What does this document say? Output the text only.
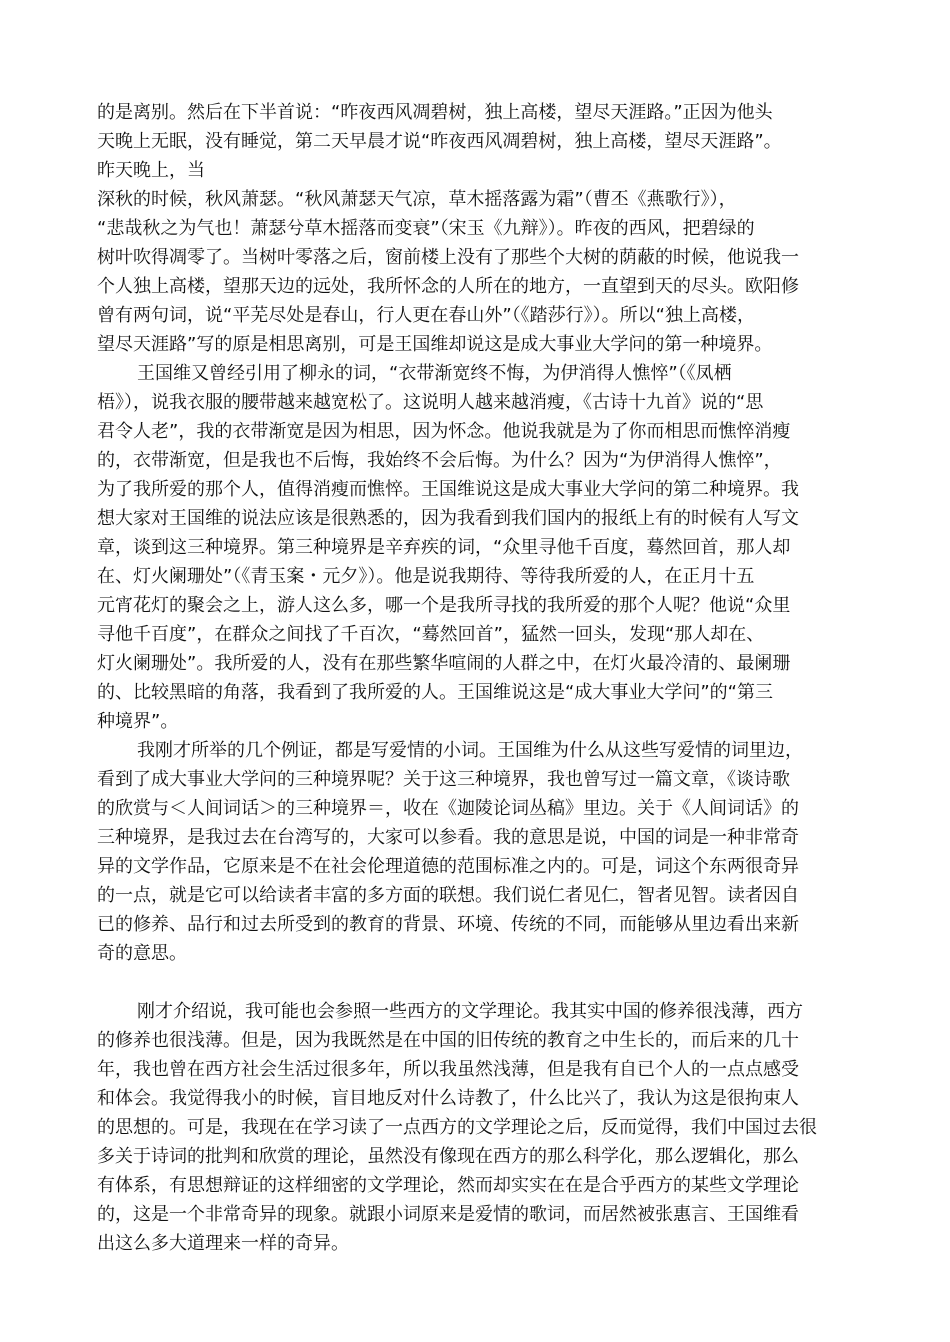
的是离别。然后在下半首说：“昨夜西风凋碧树，独上高楼，望尽天涯路。”正因为他头
天晚上无眠，没有睡觉，第二天早晨才说“昨夜西风凋碧树，独上高楼，望尽天涯路”。
昨天晚上，当
深秋的时候，秋风萧瑟。“秋风萧瑟天气凉，草木摇落露为霜”（曹丕《燕歌行》），
“悲哉秋之为气也！萧瑟兮草木摇落而变衰”（宋玉《九辩》）。昨夜的西风，把碧绿的
树叶吹得凋零了。当树叶零落之后，窗前楼上没有了那些个大树的荫蔽的时候，他说我一
个人独上高楼，望那天边的远处，我所怀念的人所在的地方，一直望到天的尽头。欧阳修
曾有两句词，说“平芜尽处是春山，行人更在春山外”（《踏莎行》）。所以“独上高楼，
望尽天涯路”写的原是相思离别，可是王国维却说这是成大事业大学问的第一种境界。
王国维又曾经引用了柳永的词，“衣带渐宽终不悔，为伊消得人憔悴”（《凤栖
梧》），说我衣服的腰带越来越宽松了。这说明人越来越消瘦，《古诗十九首》说的“思
君令人老”，我的衣带渐宽是因为相思，因为怀念。他说我就是为了你而相思而憔悴消瘦
的，衣带渐宽，但是我也不后悔，我始终不会后悔。为什么？因为“为伊消得人憔悴”，
为了我所爱的那个人，值得消瘦而憔悴。王国维说这是成大事业大学问的第二种境界。我
想大家对王国维的说法应该是很熟悉的，因为我看到我们国内的报纸上有的时候有人写文
章，谈到这三种境界。第三种境界是辛弃疾的词，“众里寻他千百度，蓦然回首，那人却
在、灯火阑珊处”（《青玉案・元夕》）。他是说我期待、等待我所爱的人，在正月十五
元宵花灯的聚会之上，游人这么多，哪一个是我所寻找的我所爱的那个人呢？他说“众里
寻他千百度”，在群众之间找了千百次，“蓦然回首”，猛然一回头，发现“那人却在、
灯火阑珊处”。我所爱的人，没有在那些繁华喧闹的人群之中，在灯火最冷清的、最阑珊
的、比较黑暗的角落，我看到了我所爱的人。王国维说这是“成大事业大学问”的“第三
种境界”。
我刚才所举的几个例证，都是写爱情的小词。王国维为什么从这些写爱情的词里边，
看到了成大事业大学问的三种境界呢？关于这三种境界，我也曾写过一篇文章，《谈诗歌
的欣赏与＜人间词话＞的三种境界＝，收在《迦陵论词丛稿》里边。关于《人间词话》的
三种境界，是我过去在台湾写的，大家可以参看。我的意思是说，中国的词是一种非常奇
异的文学作品，它原来是不在社会伦理道德的范围标准之内的。可是，词这个东两很奇异
的一点，就是它可以给读者丰富的多方面的联想。我们说仁者见仁，智者见智。读者因自
已的修养、品行和过去所受到的教育的背景、环境、传统的不同，而能够从里边看出来新
奇的意思。
刚才介绍说，我可能也会参照一些西方的文学理论。我其实中国的修养很浅薄，西方
的修养也很浅薄。但是，因为我既然是在中国的旧传统的教育之中生长的，而后来的几十
年，我也曾在西方社会生活过很多年，所以我虽然浅薄，但是我有自已个人的一点点感受
和体会。我觉得我小的时候，盲目地反对什么诗教了，什么比兴了，我认为这是很拘束人
的思想的。可是，我现在在学习读了一点西方的文学理论之后，反而觉得，我们中国过去很
多关于诗词的批判和欣赏的理论，虽然没有像现在西方的那么科学化，那么逻辑化，那么
有体系，有思想辩证的这样细密的文学理论，然而却实实在在是合乎西方的某些文学理论
的，这是一个非常奇异的现象。就跟小词原来是爱情的歌词，而居然被张惠言、王国维看
出这么多大道理来一样的奇异。
